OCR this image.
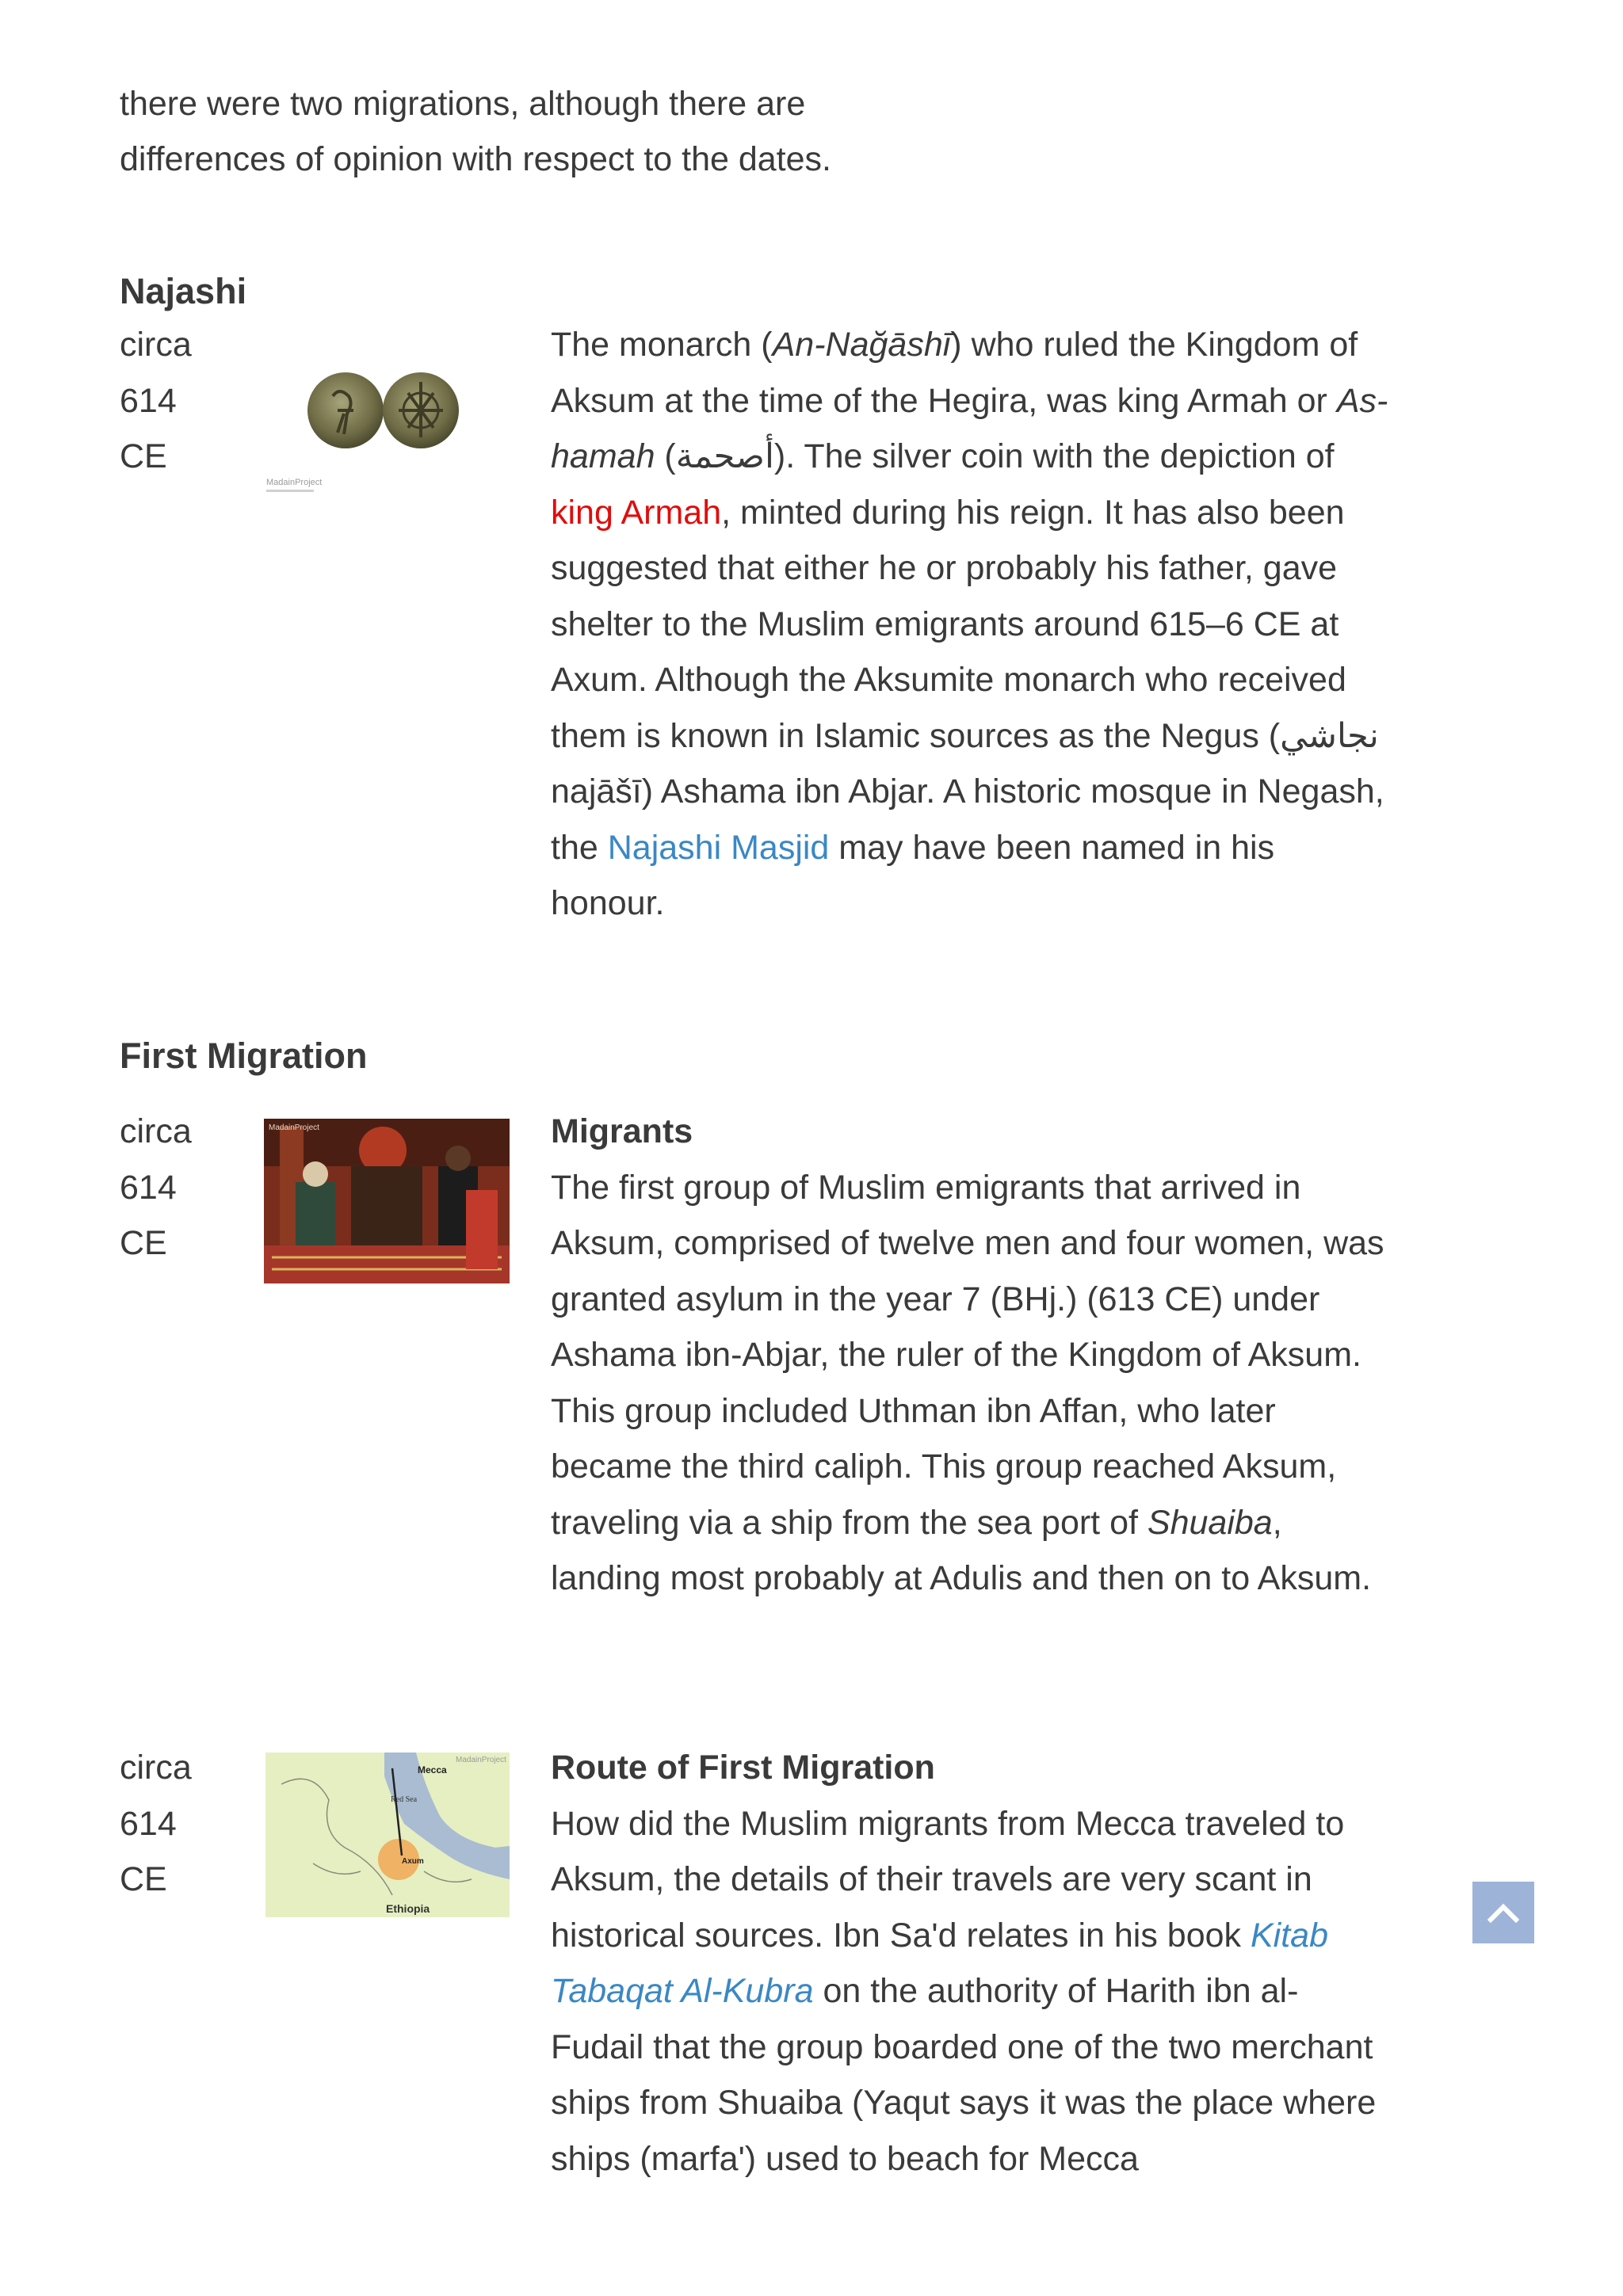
there were two migrations, although there are

differences of opinion with respect to the dates.

Najashi
circa
614
CE
MadainProject

The monarch (An-Nağāshī) who ruled the Kingdom of Aksum at the time of the Hegira, was king Armah or As-hamah (أصحمة). The silver coin with the depiction of king Armah, minted during his reign. It has also been suggested that either he or probably his father, gave shelter to the Muslim emigrants around 615–6 CE at Axum. Although the Aksumite monarch who received them is known in Islamic sources as the Negus (نجاشي najāšī) Ashama ibn Abjar. A historic mosque in Negash, the Najashi Masjid may have been named in his honour.

First Migration
circa
614
CE
MadainProject	Migrants

The first group of Muslim emigrants that arrived in Aksum, comprised of twelve men and four women, was granted asylum in the year 7 (BHj.) (613 CE) under Ashama ibn-Abjar, the ruler of the Kingdom of Aksum. This group included Uthman ibn Affan, who later became the third caliph. This group reached Aksum, traveling via a ship from the sea port of Shuaiba, landing most probably at Adulis and then on to Aksum.

circa
614
CE
Mecca
Red Sea
Axum
Ethiopia
MadainProject Route of First Migration

How did the Muslim migrants from Mecca traveled to Aksum, the details of their travels are very scant in historical sources. Ibn Sa'd relates in his book Kitab Tabaqat Al-Kubra on the authority of Harith ibn al-Fudail that the group boarded one of the two merchant ships from Shuaiba (Yaqut says it was the place where ships (marfa') used to beach for Mecca
